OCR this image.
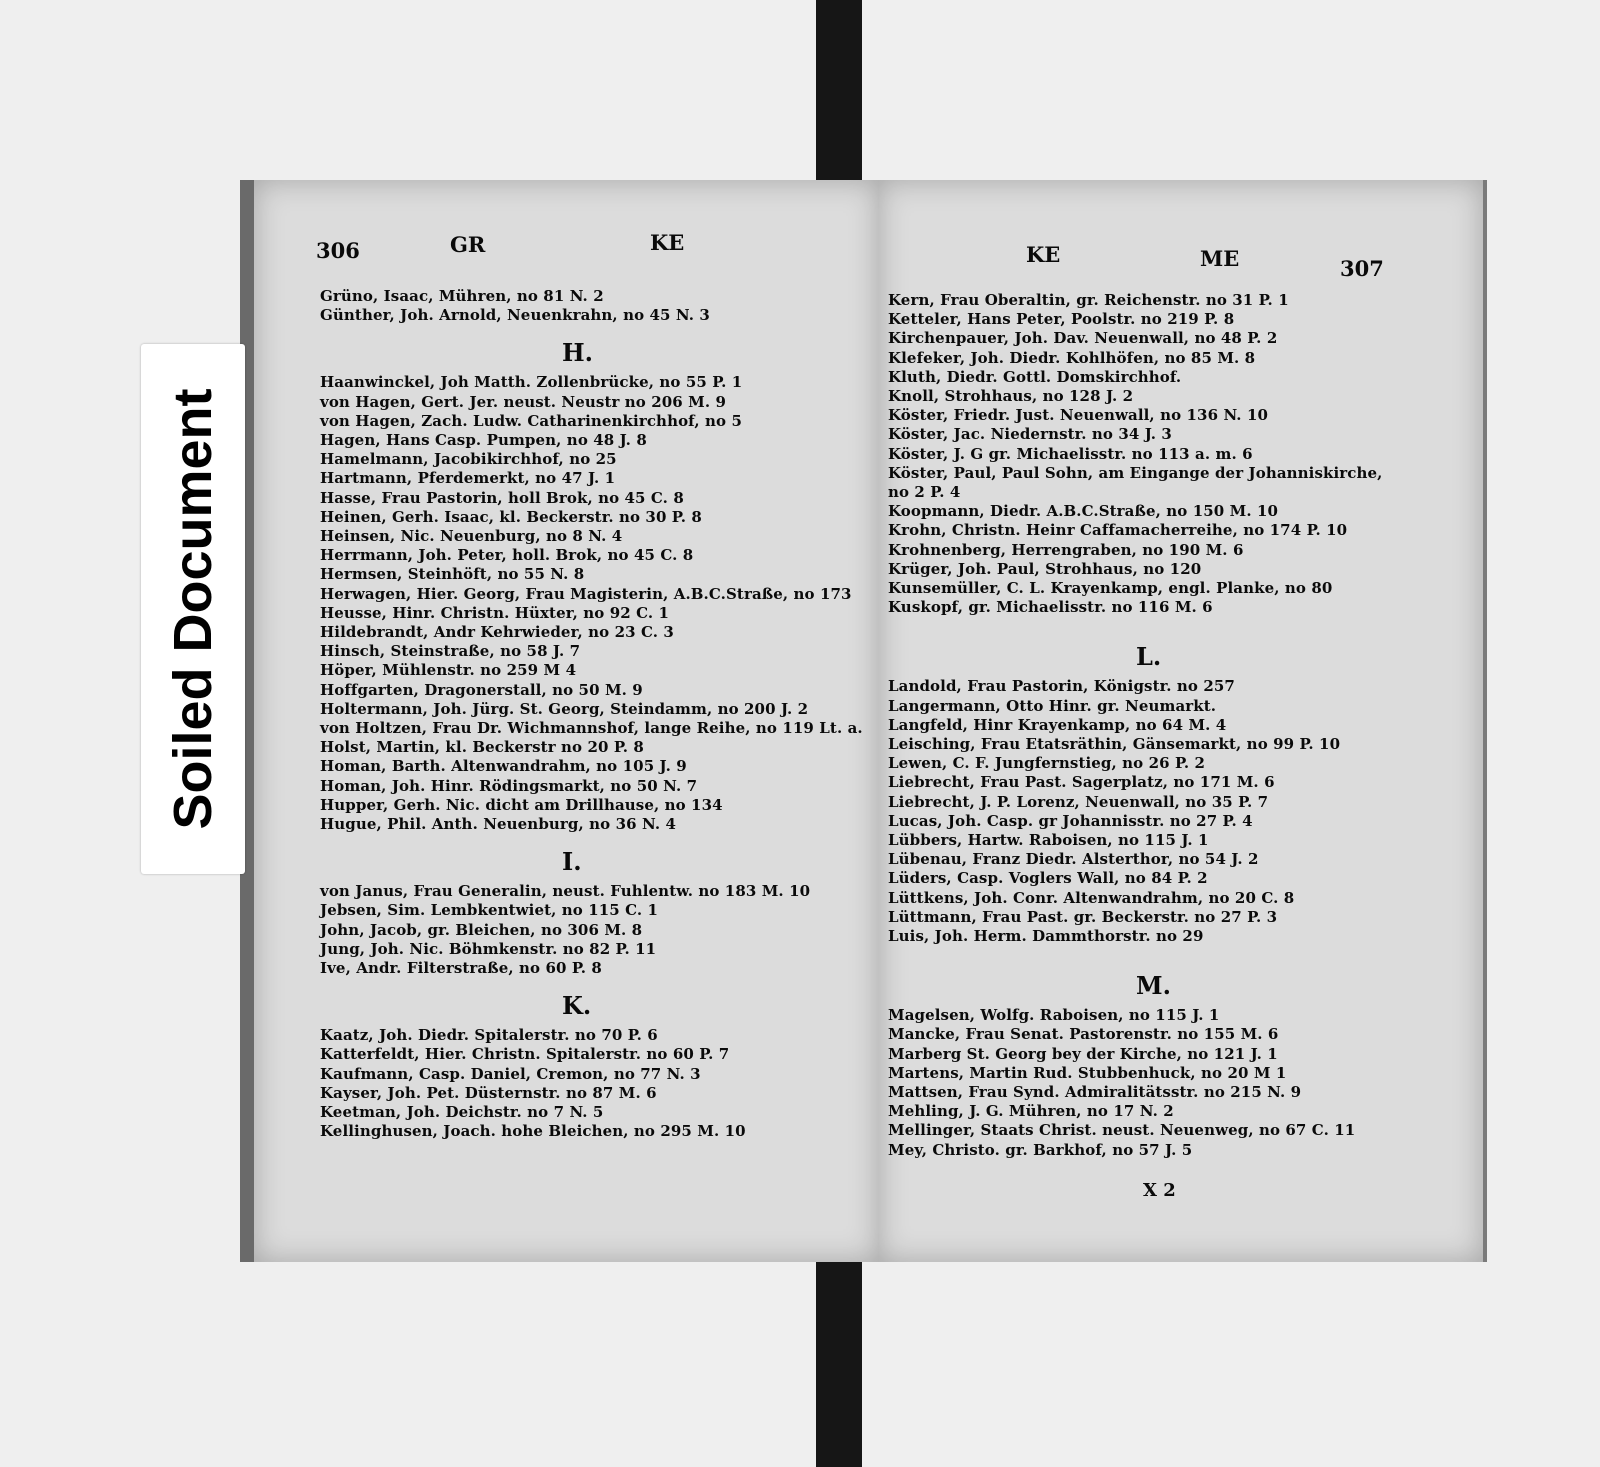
306	GR	KE
Grüno, Isaac, Mühren, no 81 N. 2
Günther, Joh. Arnold, Neuenkrahn, no 45 N. 3
H.
Haanwinckel, Joh Matth. Zollenbrücke, no 55 P. 1
von Hagen, Gert. Jer. neust. Neustr no 206 M. 9
von Hagen, Zach. Ludw. Catharinenkirchhof, no 5
Hagen, Hans Casp. Pumpen, no 48 J. 8
Hamelmann, Jacobikirchhof, no 25
Hartmann, Pferdemerkt, no 47 J. 1
Hasse, Frau Pastorin, holl Brok, no 45 C. 8
Heinen, Gerh. Isaac, kl. Beckerstr. no 30 P. 8
Heinsen, Nic. Neuenburg, no 8 N. 4
Herrmann, Joh. Peter, holl. Brok, no 45 C. 8
Hermsen, Steinhöft, no 55 N. 8
Herwagen, Hier. Georg, Frau Magisterin, A.B.C.Straße, no 173
Heusse, Hinr. Christn. Hüxter, no 92 C. 1
Hildebrandt, Andr Kehrwieder, no 23 C. 3
Hinsch, Steinstraße, no 58 J. 7
Höper, Mühlenstr. no 259 M 4
Hoffgarten, Dragonerstall, no 50 M. 9
Holtermann, Joh. Jürg. St. Georg, Steindamm, no 200 J. 2
von Holtzen, Frau Dr. Wichmannshof, lange Reihe, no 119 Lt. a.
Holst, Martin, kl. Beckerstr no 20 P. 8
Homan, Barth. Altenwandrahm, no 105 J. 9
Homan, Joh. Hinr. Rödingsmarkt, no 50 N. 7
Hupper, Gerh. Nic. dicht am Drillhause, no 134
Hugue, Phil. Anth. Neuenburg, no 36 N. 4
I.
von Janus, Frau Generalin, neust. Fuhlentw. no 183 M. 10
Jebsen, Sim. Lembkentwiet, no 115 C. 1
John, Jacob, gr. Bleichen, no 306 M. 8
Jung, Joh. Nic. Böhmkenstr. no 82 P. 11
Ive, Andr. Filterstraße, no 60 P. 8
K.
Kaatz, Joh. Diedr. Spitalerstr. no 70 P. 6
Katterfeldt, Hier. Christn. Spitalerstr. no 60 P. 7
Kaufmann, Casp. Daniel, Cremon, no 77 N. 3
Kayser, Joh. Pet. Düsternstr. no 87 M. 6
Keetman, Joh. Deichstr. no 7 N. 5
Kellinghusen, Joach. hohe Bleichen, no 295 M. 10
KE	ME	307
Kern, Frau Oberaltin, gr. Reichenstr. no 31 P. 1
Ketteler, Hans Peter, Poolstr. no 219 P. 8
Kirchenpauer, Joh. Dav. Neuenwall, no 48 P. 2
Klefeker, Joh. Diedr. Kohlhöfen, no 85 M. 8
Kluth, Diedr. Gottl. Domskirchhof.
Knoll, Strohhaus, no 128 J. 2
Köster, Friedr. Just. Neuenwall, no 136 N. 10
Köster, Jac. Niedernstr. no 34 J. 3
Köster, J. G gr. Michaelisstr. no 113 a. m. 6
Köster, Paul, Paul Sohn, am Eingange der Johanniskirche,
no 2 P. 4
Koopmann, Diedr. A.B.C.Straße, no 150 M. 10
Krohn, Christn. Heinr Caffamacherreihe, no 174 P. 10
Krohnenberg, Herrengraben, no 190 M. 6
Krüger, Joh. Paul, Strohhaus, no 120
Kunsemüller, C. L. Krayenkamp, engl. Planke, no 80
Kuskopf, gr. Michaelisstr. no 116 M. 6
L.
Landold, Frau Pastorin, Königstr. no 257
Langermann, Otto Hinr. gr. Neumarkt.
Langfeld, Hinr Krayenkamp, no 64 M. 4
Leisching, Frau Etatsräthin, Gänsemarkt, no 99 P. 10
Lewen, C. F. Jungfernstieg, no 26 P. 2
Liebrecht, Frau Past. Sagerplatz, no 171 M. 6
Liebrecht, J. P. Lorenz, Neuenwall, no 35 P. 7
Lucas, Joh. Casp. gr Johannisstr. no 27 P. 4
Lübbers, Hartw. Raboisen, no 115 J. 1
Lübenau, Franz Diedr. Alsterthor, no 54 J. 2
Lüders, Casp. Voglers Wall, no 84 P. 2
Lüttkens, Joh. Conr. Altenwandrahm, no 20 C. 8
Lüttmann, Frau Past. gr. Beckerstr. no 27 P. 3
Luis, Joh. Herm. Dammthorstr. no 29
M.
Magelsen, Wolfg. Raboisen, no 115 J. 1
Mancke, Frau Senat. Pastorenstr. no 155 M. 6
Marberg St. Georg bey der Kirche, no 121 J. 1
Martens, Martin Rud. Stubbenhuck, no 20 M 1
Mattsen, Frau Synd. Admiralitätsstr. no 215 N. 9
Mehling, J. G. Mühren, no 17 N. 2
Mellinger, Staats Christ. neust. Neuenweg, no 67 C. 11
Mey, Christo. gr. Barkhof, no 57 J. 5
X 2
Soiled Document
